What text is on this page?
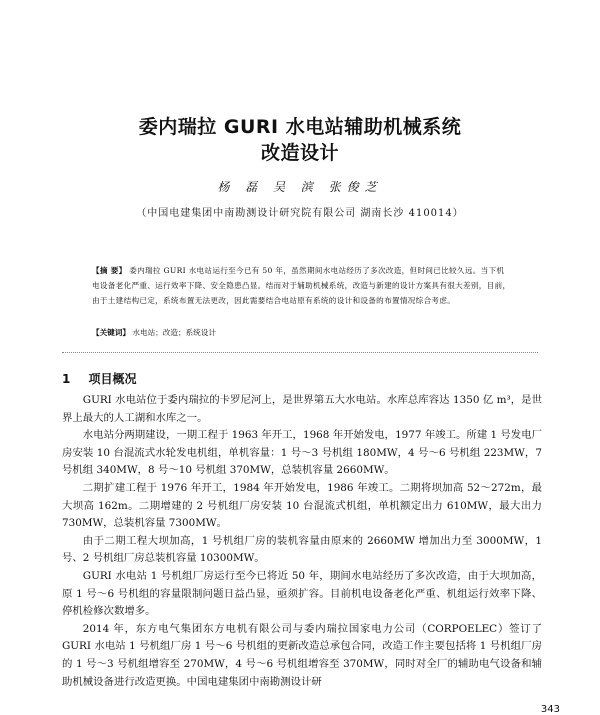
委内瑞拉 GURI 水电站辅助机械系统
改造设计
杨 磊 吴 滨 张俊芝
（中国电建集团中南勘测设计研究院有限公司 湖南长沙 410014）
【摘 要】 委内瑞拉 GURI 水电站运行至今已有 50 年，虽然期间水电站经历了多次改造，但时间已比较久远。当下机电设备老化严重、运行效率下降、安全隐患凸显。结而对于辅助机械系统，改造与新建的设计方案具有很大差别，目前，由于土建结构已定，系统布置无法更改，因此需要结合电站原有系统的设计和设备的布置情况综合考虑。
【关键词】 水电站；改造；系统设计
1 项目概况

GURI 水电站位于委内瑞拉的卡罗尼河上，是世界第五大水电站。水库总库容达 1350 亿 m³，是世界上最大的人工湖和水库之一。

水电站分两期建设，一期工程于 1963 年开工，1968 年开始发电，1977 年竣工。所建 1 号发电厂房安装 10 台混流式水轮发电机组，单机容量：1 号～3 号机组 180MW，4 号～6 号机组 223MW，7 号机组 340MW，8 号～10 号机组 370MW，总装机容量 2660MW。

二期扩建工程于 1976 年开工，1984 年开始发电，1986 年竣工。二期将坝加高 52～272m，最大坝高 162m。二期增建的 2 号机组厂房安装 10 台混流式机组，单机额定出力 610MW，最大出力 730MW，总装机容量 7300MW。

由于二期工程大坝加高，1 号机组厂房的装机容量由原来的 2660MW 增加出力至 3000MW，1 号、2 号机组厂房总装机容量 10300MW。

GURI 水电站 1 号机组厂房运行至今已将近 50 年，期间水电站经历了多次改造，由于大坝加高，原 1 号～6 号机组的容量限制问题日益凸显，亟须扩容。目前机电设备老化严重、机组运行效率下降、停机检修次数增多。

2014 年，东方电气集团东方电机有限公司与委内瑞拉国家电力公司（CORPOELEC）签订了 GURI 水电站 1 号机组厂房 1 号～6 号机组的更新改造总承包合同，改造工作主要包括将 1 号机组厂房的 1 号～3 号机组增容至 270MW，4 号～6 号机组增容至 370MW，同时对全厂的辅助电气设备和辅助机械设备进行改造更换。中国电建集团中南勘测设计研

343
